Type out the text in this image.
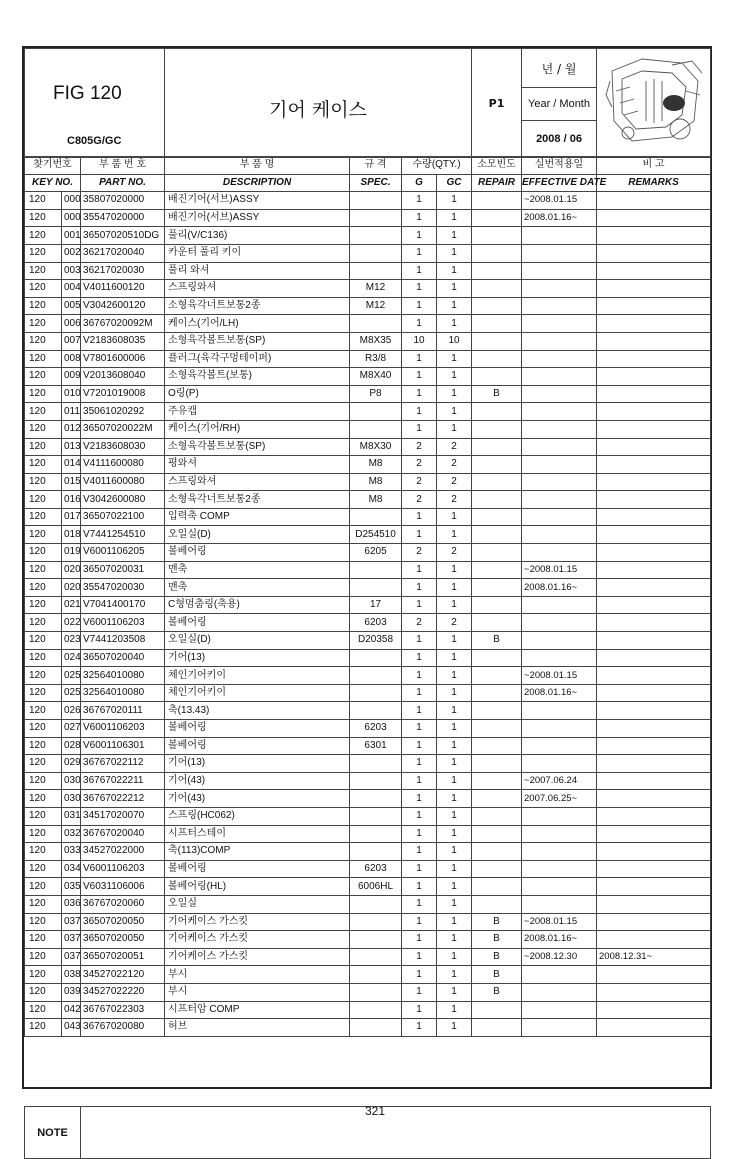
FIG 120
C805G/GC
	기어 케이스	P1	
년 / 월
Year / Month
2008 / 06

찾기번호		부 품 번 호	부 품 명	규 격	수량(QTY.)		소모빈도	실번적용일	비 고
KEY NO.		PART NO.	DESCRIPTION	SPEC.	G	GC	REPAIR	EFFECTIVE DATE	REMARKS
120	000	35807020000	배진기어(서브)ASSY		1	1		~2008.01.15	
120	000	35547020000	배진기어(서브)ASSY		1	1		2008.01.16~	
120	001	36507020510DG	풀리(V/C136)		1	1			
120	002	36217020040	카운터 풀리 키이		1	1			
120	003	36217020030	풀리 와셔		1	1			
120	004	V4011600120	스프링와셔	M12	1	1			
120	005	V3042600120	소형육각너트보통2종	M12	1	1			
120	006	36767020092M	케이스(기어/LH)		1	1			
120	007	V2183608035	소형육각볼트보통(SP)	M8X35	10	10			
120	008	V7801600006	플러그(육각구멍테이퍼)	R3/8	1	1			
120	009	V2013608040	소형육각볼트(보통)	M8X40	1	1			
120	010	V7201019008	O링(P)	P8	1	1	B		
120	011	35061020292	주유캡		1	1			
120	012	36507020022M	케이스(기어/RH)		1	1			
120	013	V2183608030	소형육각볼트보통(SP)	M8X30	2	2			
120	014	V4111600080	평와셔	M8	2	2			
120	015	V4011600080	스프링와셔	M8	2	2			
120	016	V3042600080	소형육각너트보통2종	M8	2	2			
120	017	36507022100	입력축 COMP		1	1			
120	018	V7441254510	오일실(D)	D254510	1	1			
120	019	V6001106205	볼베어링	6205	2	2			
120	020	36507020031	맨축		1	1		~2008.01.15	
120	020	35547020030	맨축		1	1		2008.01.16~	
120	021	V7041400170	C형멈춤링(축용)	17	1	1			
120	022	V6001106203	볼베어링	6203	2	2			
120	023	V7441203508	오일실(D)	D20358	1	1	B		
120	024	36507020040	기어(13)		1	1			
120	025	32564010080	체인기어키이		1	1		~2008.01.15	
120	025	32564010080	체인기어키이		1	1		2008.01.16~	
120	026	36767020111	축(13.43)		1	1			
120	027	V6001106203	볼베어링	6203	1	1			
120	028	V6001106301	볼베어링	6301	1	1			
120	029	36767022112	기어(13)		1	1			
120	030	36767022211	기어(43)		1	1		~2007.06.24	
120	030	36767022212	기어(43)		1	1		2007.06.25~	
120	031	34517020070	스프링(HC062)		1	1			
120	032	36767020040	시프터스테이		1	1			
120	033	34527022000	축(113)COMP		1	1			
120	034	V6001106203	볼베어링	6203	1	1			
120	035	V6031106006	볼베어링(HL)	6006HL	1	1			
120	036	36767020060	오일실		1	1			
120	037	36507020050	기어케이스 가스킷		1	1	B	~2008.01.15	
120	037	36507020050	기어케이스 가스킷		1	1	B	2008.01.16~	
120	037	36507020051	기어케이스 가스킷		1	1	B	~2008.12.30	2008.12.31~
120	038	34527022120	부시		1	1	B		
120	039	34527022220	부시		1	1	B		
120	042	36767022303	시프터암 COMP		1	1			
120	043	36767020080	허브		1	1			
NOTE	
321
